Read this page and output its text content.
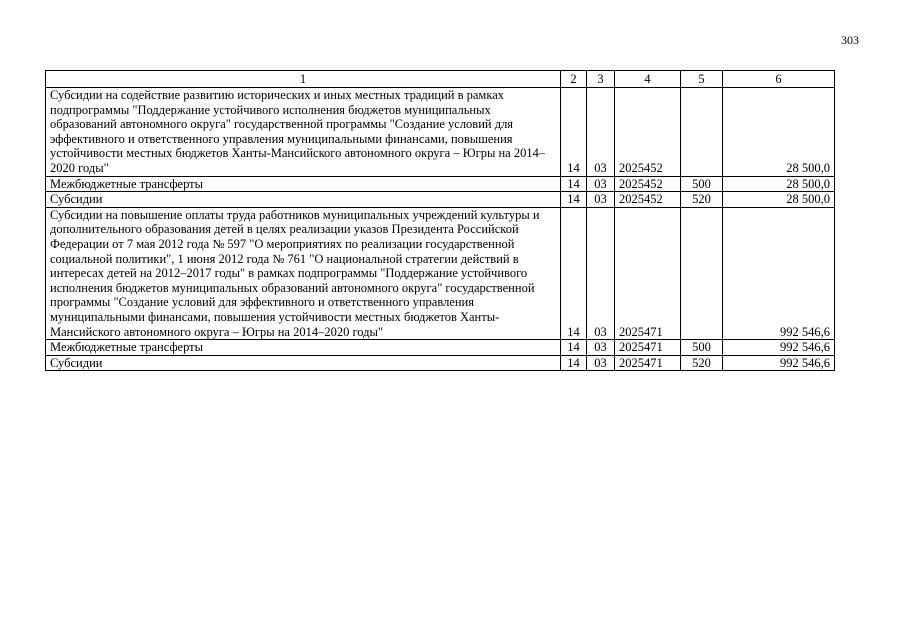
303
1	2	3	4	5	6
Субсидии на содействие развитию исторических и иных местных традиций в рамках подпрограммы "Поддержание устойчивого исполнения бюджетов муниципальных образований автономного округа" государственной программы "Создание условий для эффективного и ответственного управления муниципальными финансами, повышения устойчивости местных бюджетов Ханты-Мансийского автономного округа – Югры на 2014–2020 годы"	14	03	2025452		28 500,0
Межбюджетные трансферты	14	03	2025452	500	28 500,0
Субсидии	14	03	2025452	520	28 500,0
Субсидии на повышение оплаты труда работников муниципальных учреждений культуры и дополнительного образования детей в целях реализации указов Президента Российской Федерации от 7 мая 2012 года № 597 "О мероприятиях по реализации государственной социальной политики", 1 июня 2012 года № 761 "О национальной стратегии действий в интересах детей на 2012–2017 годы" в рамках подпрограммы "Поддержание устойчивого исполнения бюджетов муниципальных образований автономного округа" государственной программы "Создание условий для эффективного и ответственного управления муниципальными финансами, повышения устойчивости местных бюджетов Ханты-Мансийского автономного округа – Югры на 2014–2020 годы"	14	03	2025471		992 546,6
Межбюджетные трансферты	14	03	2025471	500	992 546,6
Субсидии	14	03	2025471	520	992 546,6
